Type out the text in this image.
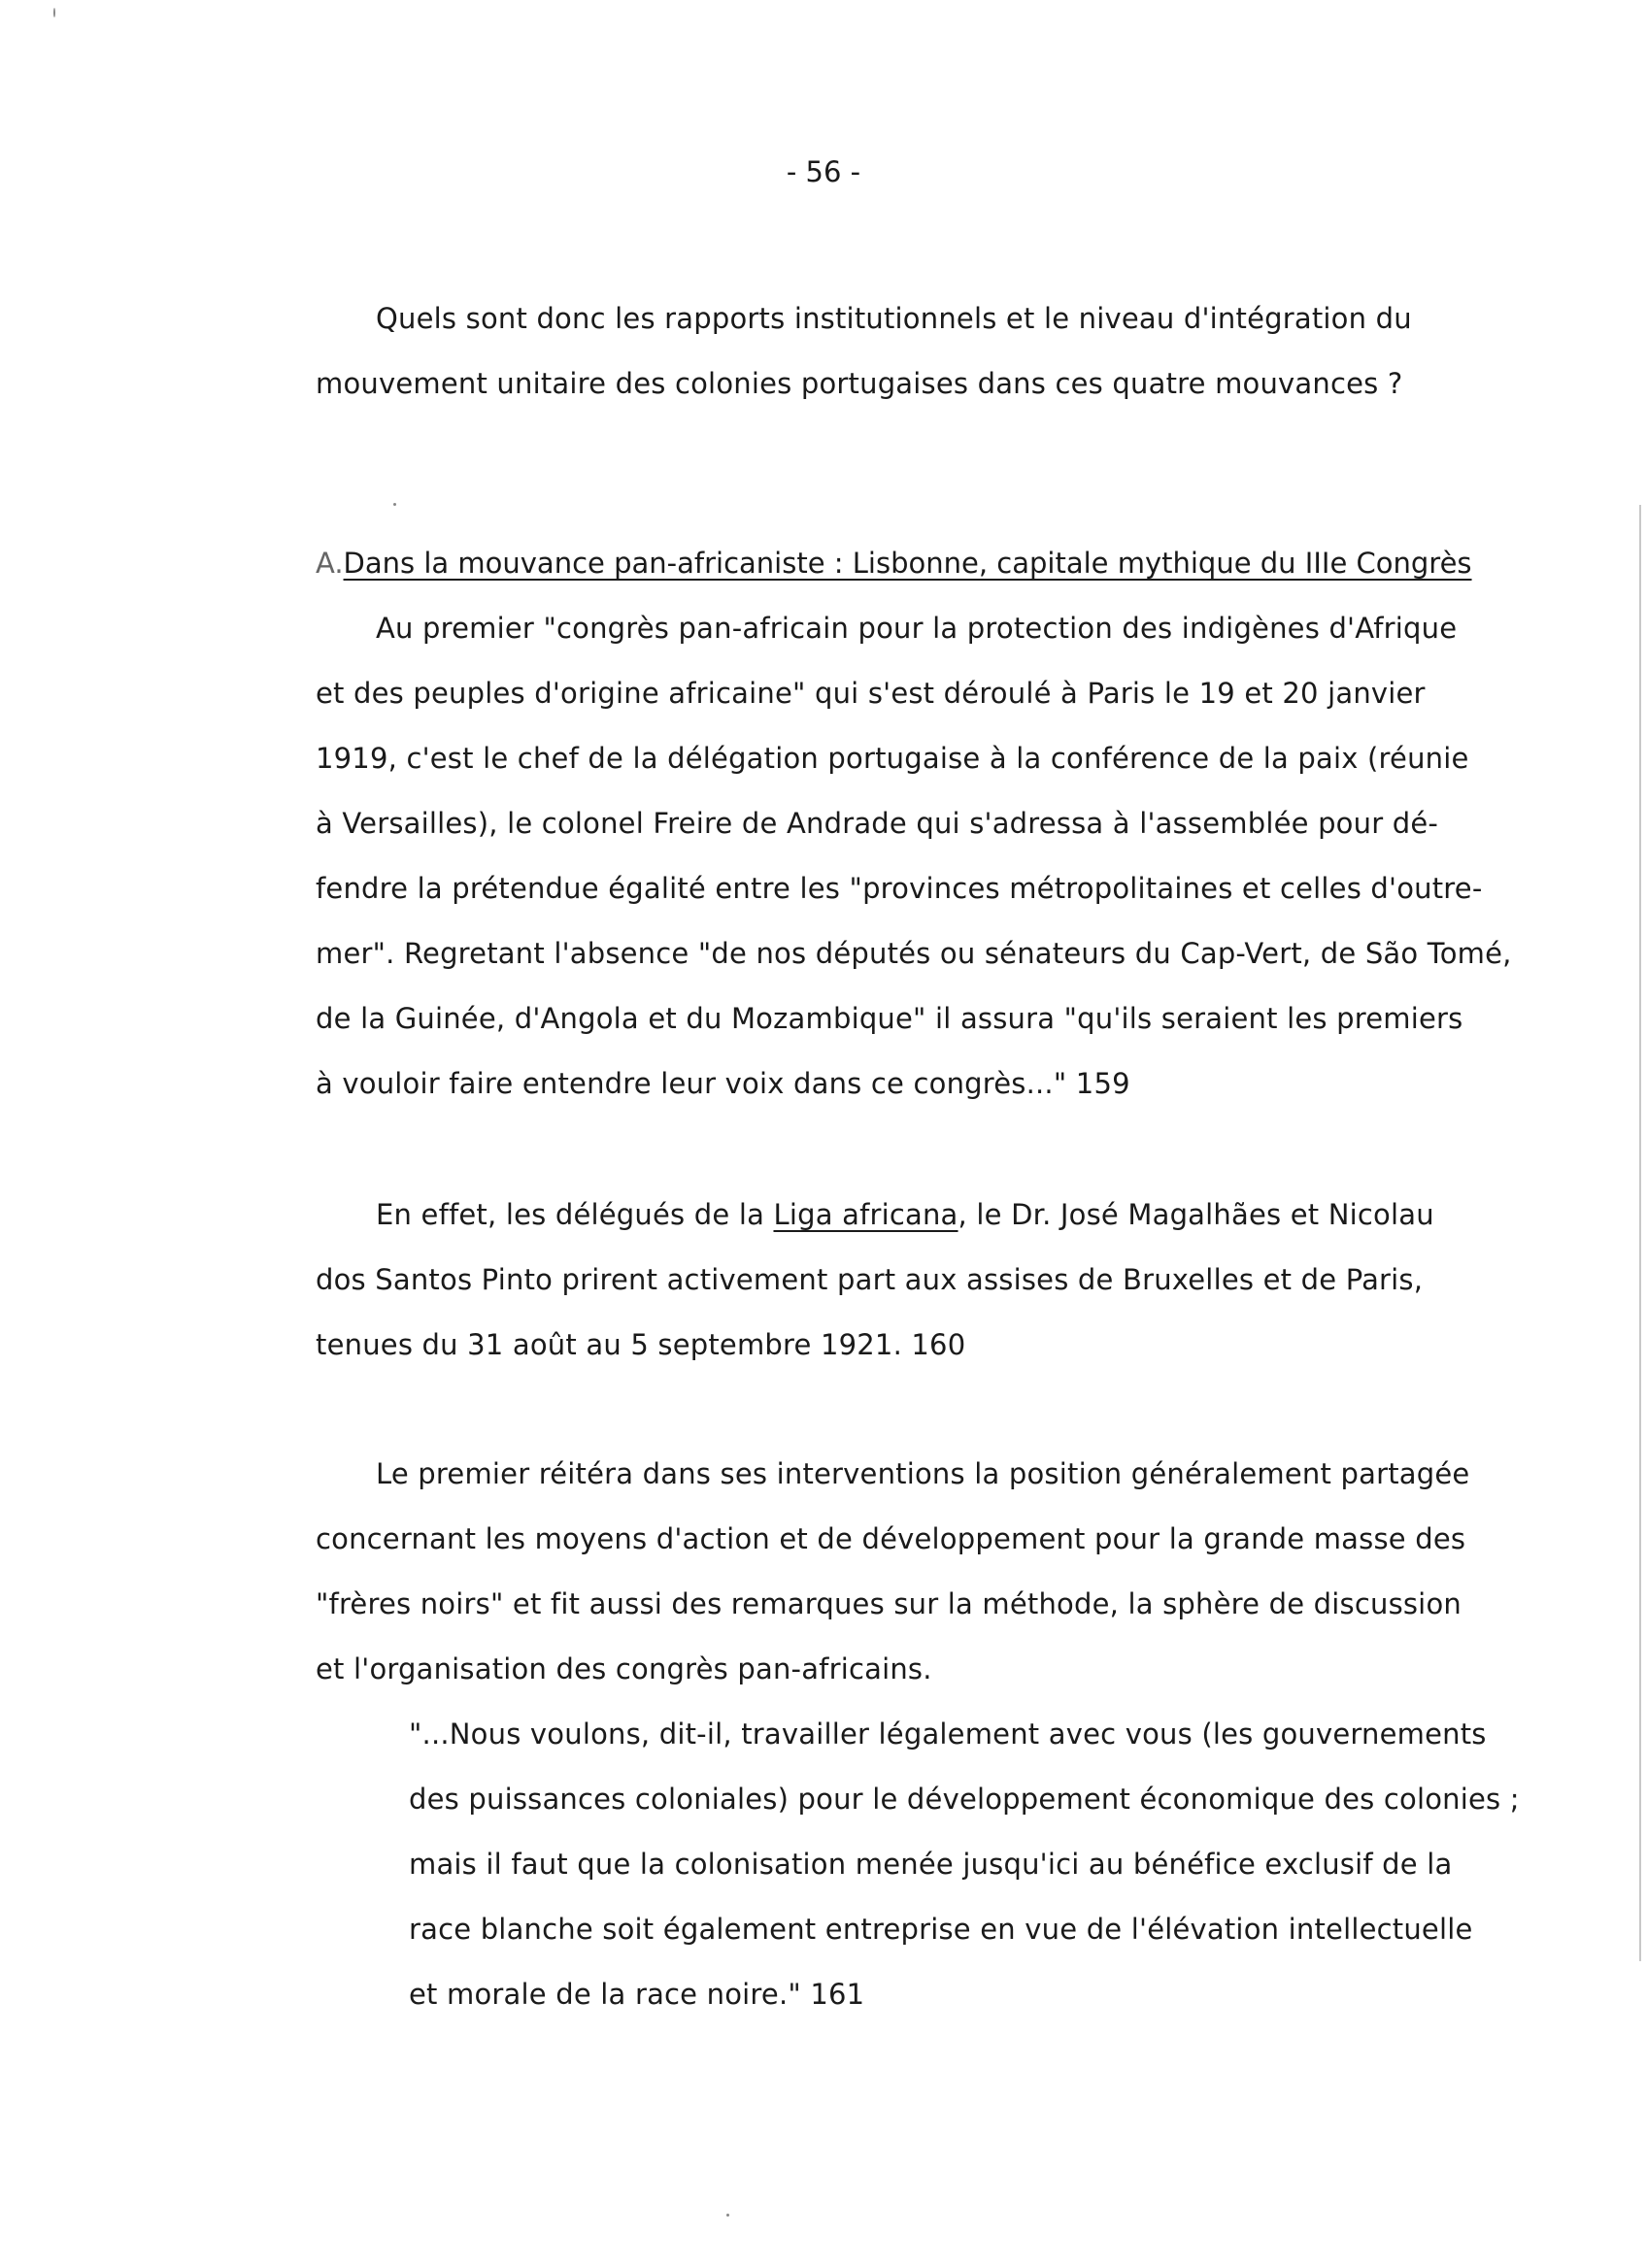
- 56 -
Quels sont donc les rapports institutionnels et le niveau d'intégration du
mouvement unitaire des colonies portugaises dans ces quatre mouvances ?
A.Dans la mouvance pan-africaniste : Lisbonne, capitale mythique du IIIe Congrès
Au premier "congrès pan-africain pour la protection des indigènes d'Afrique
et des peuples d'origine africaine" qui s'est déroulé à Paris le 19 et 20 janvier
1919, c'est le chef de la délégation portugaise à la conférence de la paix (réunie
à Versailles), le colonel Freire de Andrade qui s'adressa à l'assemblée pour dé-
fendre la prétendue égalité entre les "provinces métropolitaines et celles d'outre-
mer". Regretant l'absence "de nos députés ou sénateurs du Cap-Vert, de São Tomé,
de la Guinée, d'Angola et du Mozambique" il assura "qu'ils seraient les premiers
à vouloir faire entendre leur voix dans ce congrès..." 159
En effet, les délégués de la Liga africana, le Dr. José Magalhães et Nicolau
dos Santos Pinto prirent activement part aux assises de Bruxelles et de Paris,
tenues du 31 août au 5 septembre 1921. 160
Le premier réitéra dans ses interventions la position généralement partagée
concernant les moyens d'action et de développement pour la grande masse des
"frères noirs" et fit aussi des remarques sur la méthode, la sphère de discussion
et l'organisation des congrès pan-africains.
"...Nous voulons, dit-il, travailler légalement avec vous (les gouvernements
des puissances coloniales) pour le développement économique des colonies ;
mais il faut que la colonisation menée jusqu'ici au bénéfice exclusif de la
race blanche soit également entreprise en vue de l'élévation intellectuelle
et morale de la race noire." 161
